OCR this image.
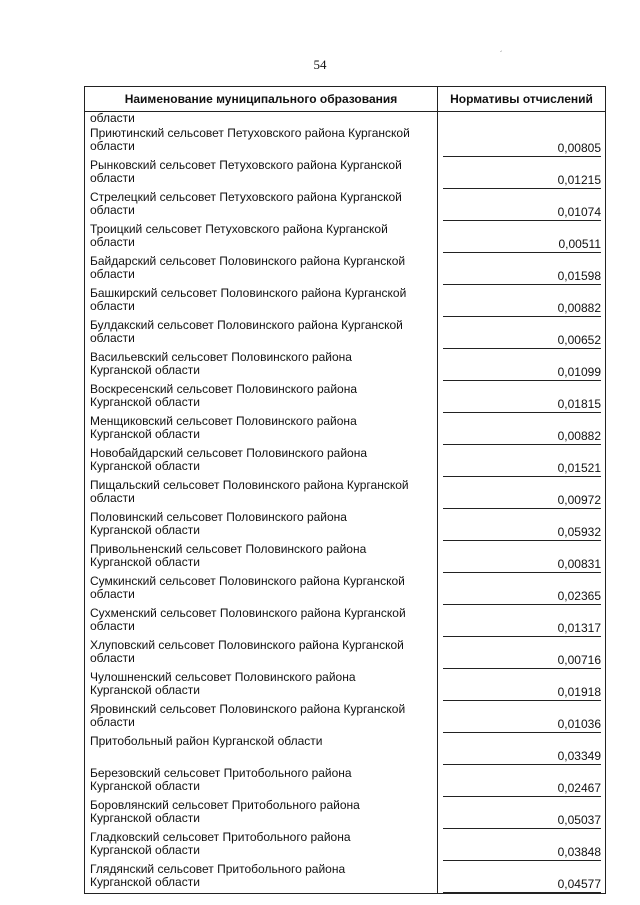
54
´
Наименование муниципального образования	Нормативы отчислений

области	

Приютинский сельсовет Петуховского района Курганской
области	0,00805

Рынковский сельсовет Петуховского района Курганской
области	0,01215

Стрелецкий сельсовет Петуховского района Курганской
области	0,01074

Троицкий сельсовет Петуховского района Курганской
области	0,00511

Байдарский сельсовет Половинского района Курганской
области	0,01598

Башкирский сельсовет Половинского района Курганской
области	0,00882

Булдакский сельсовет Половинского района Курганской
области	0,00652

Васильевский сельсовет Половинского района
Курганской области	0,01099

Воскресенский сельсовет Половинского района
Курганской области	0,01815

Менщиковский сельсовет Половинского района
Курганской области	0,00882

Новобайдарский сельсовет Половинского района
Курганской области	0,01521

Пищальский сельсовет Половинского района Курганской
области	0,00972

Половинский сельсовет Половинского района
Курганской области	0,05932

Привольненский сельсовет Половинского района
Курганской области	0,00831

Сумкинский сельсовет Половинского района Курганской
области	0,02365

Сухменский сельсовет Половинского района Курганской
области	0,01317

Хлуповский сельсовет Половинского района Курганской
области	0,00716

Чулошненский сельсовет Половинского района
Курганской области	0,01918

Яровинский сельсовет Половинского района Курганской
области	0,01036

Притобольный район Курганской области	0,03349

Березовский сельсовет Притобольного района
Курганской области	0,02467

Боровлянский сельсовет Притобольного района
Курганской области	0,05037

Гладковский сельсовет Притобольного района
Курганской области	0,03848

Глядянский сельсовет Притобольного района
Курганской области	0,04577
